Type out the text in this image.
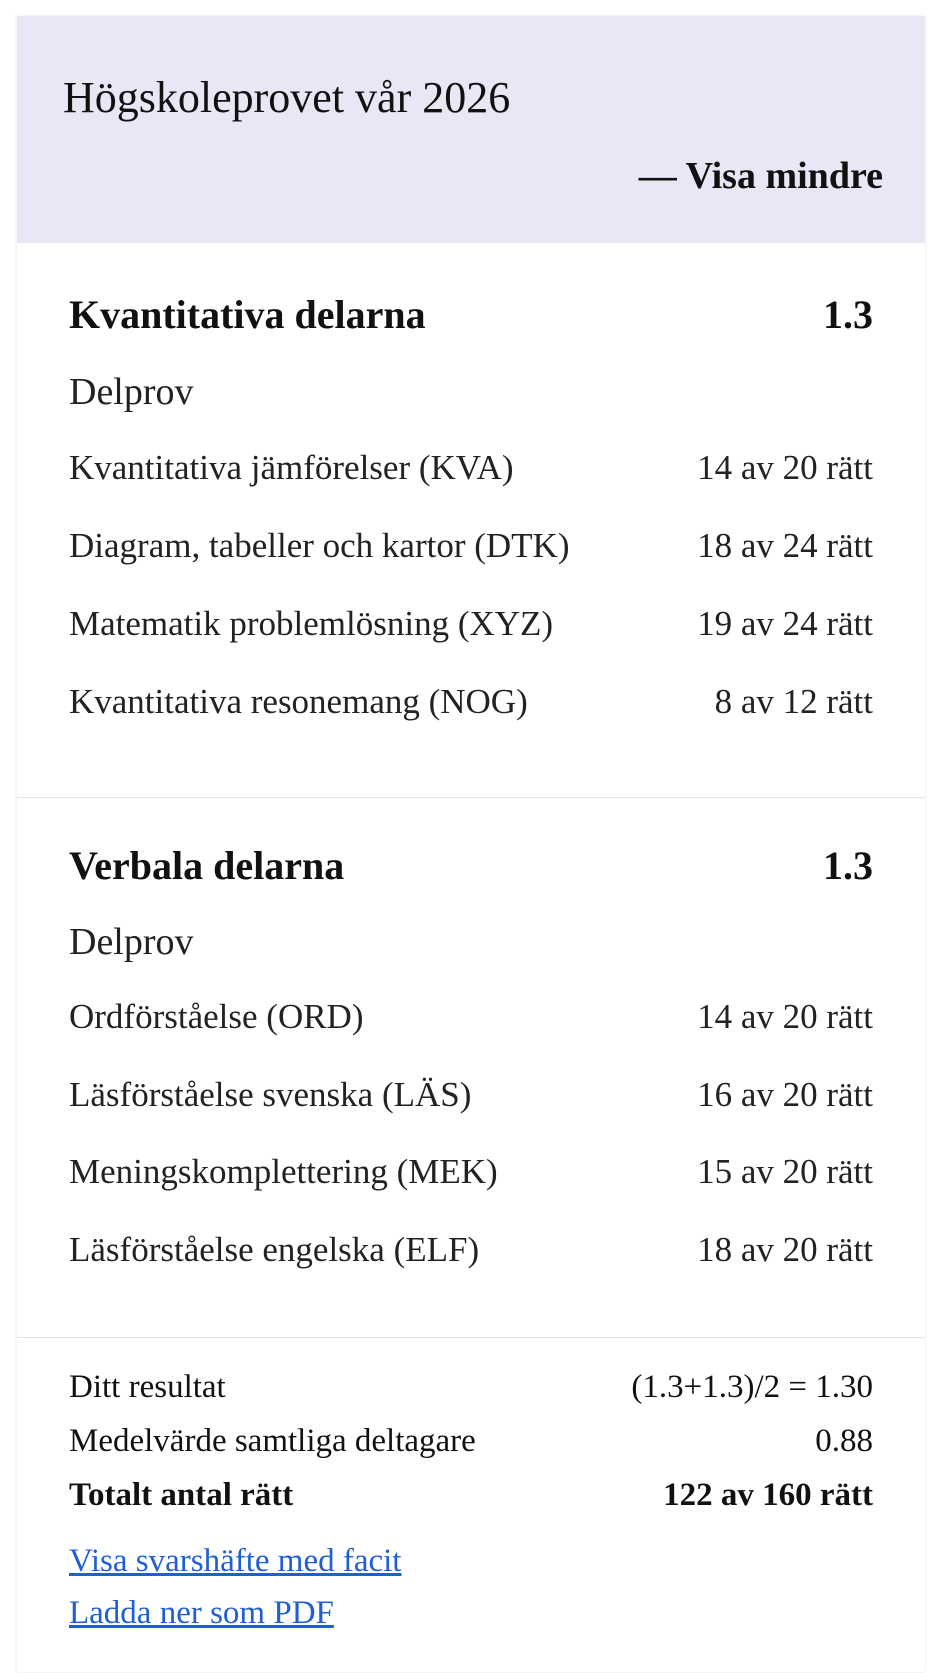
Högskoleprovet vår 2026
— Visa mindre
Kvantitativa delarna	1.3
Delprov
Kvantitativa jämförelser (KVA)	14 av 20 rätt
Diagram, tabeller och kartor (DTK)	18 av 24 rätt
Matematik problemlösning (XYZ)	19 av 24 rätt
Kvantitativa resonemang (NOG)	8 av 12 rätt
Verbala delarna	1.3
Delprov
Ordförståelse (ORD)	14 av 20 rätt
Läsförståelse svenska (LÄS)	16 av 20 rätt
Meningskomplettering (MEK)	15 av 20 rätt
Läsförståelse engelska (ELF)	18 av 20 rätt
Ditt resultat	(1.3+1.3)/2 = 1.30
Medelvärde samtliga deltagare	0.88
Totalt antal rätt	122 av 160 rätt
Visa svarshäfte med facit
Ladda ner som PDF
